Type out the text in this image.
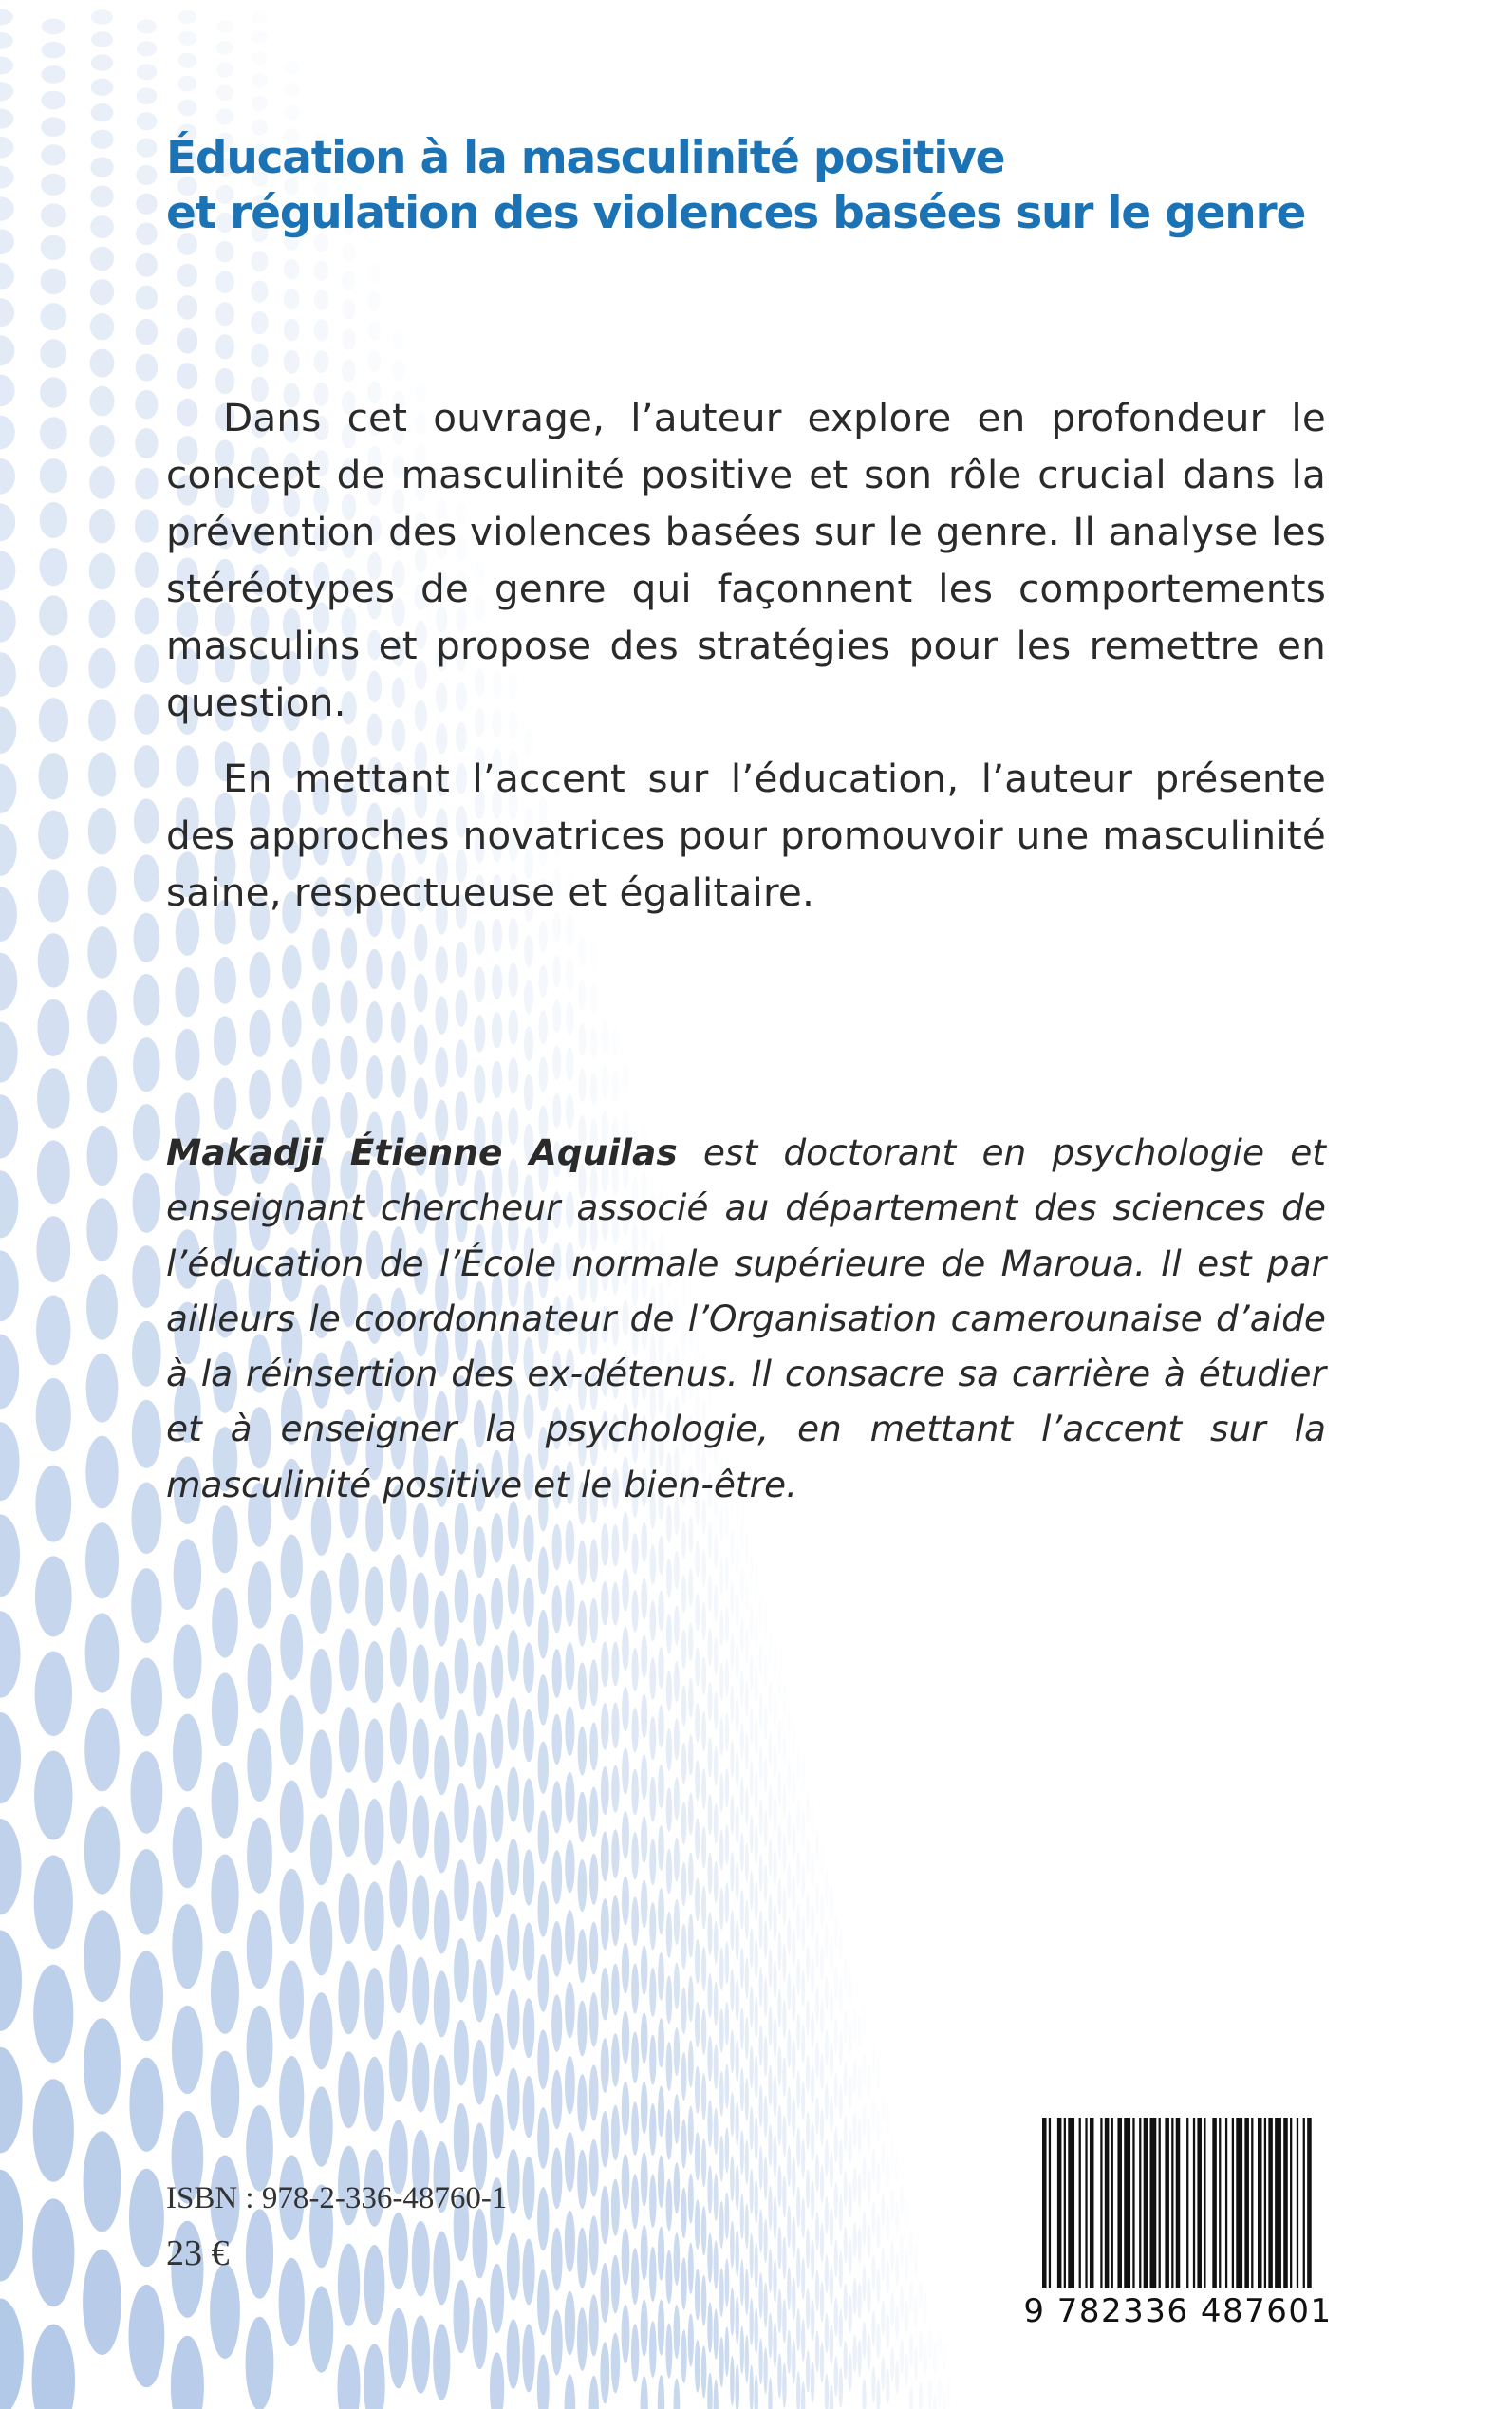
Éducation à la masculinité positive
et régulation des violences basées sur le genre

Dans cet ouvrage, l’auteur explore en profondeur le concept de masculinité positive et son rôle crucial dans la prévention des violences basées sur le genre. Il analyse les stéréotypes de genre qui façonnent les comportements masculins et propose des stratégies pour les remettre en question.

En mettant l’accent sur l’éducation, l’auteur présente des approches novatrices pour promouvoir une masculinité saine, respectueuse et égalitaire.

Makadji Étienne Aquilas est doctorant en psychologie et enseignant chercheur associé au département des sciences de l’éducation de l’École normale supérieure de Maroua. Il est par ailleurs le coordonnateur de l’Organisation camerounaise d’aide à la réinsertion des ex-détenus. Il consacre sa carrière à étudier et à enseigner la psychologie, en mettant l’accent sur la masculinité positive et le bien-être.

ISBN : 978-2-336-48760-1

23 €

9 782336 487601
